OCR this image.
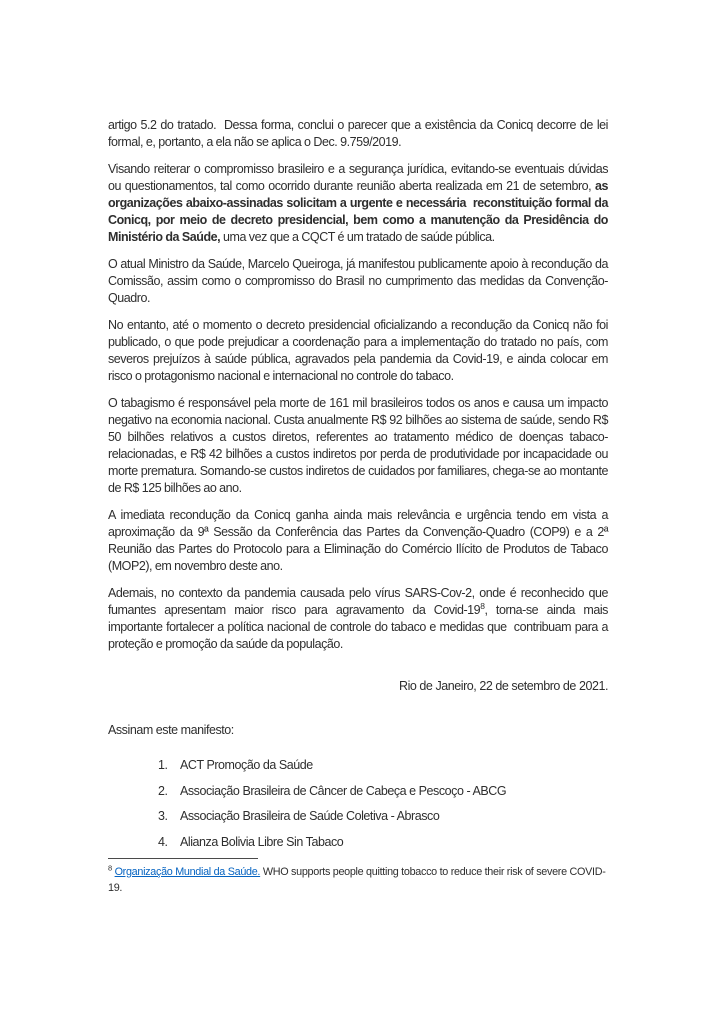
artigo 5.2 do tratado.  Dessa forma, conclui o parecer que a existência da Conicq decorre de lei formal, e, portanto, a ela não se aplica o Dec. 9.759/2019.

Visando reiterar o compromisso brasileiro e a segurança jurídica, evitando-se eventuais dúvidas ou questionamentos, tal como ocorrido durante reunião aberta realizada em 21 de setembro, as organizações abaixo-assinadas solicitam a urgente e necessária  reconstituição formal da Conicq, por meio de decreto presidencial, bem como a manutenção da Presidência do Ministério da Saúde, uma vez que a CQCT é um tratado de saúde pública.

O atual Ministro da Saúde, Marcelo Queiroga, já manifestou publicamente apoio à recondução da Comissão, assim como o compromisso do Brasil no cumprimento das medidas da Convenção-Quadro.

No entanto, até o momento o decreto presidencial oficializando a recondução da Conicq não foi publicado, o que pode prejudicar a coordenação para a implementação do tratado no país, com severos prejuízos à saúde pública, agravados pela pandemia da Covid-19, e ainda colocar em risco o protagonismo nacional e internacional no controle do tabaco.

O tabagismo é responsável pela morte de 161 mil brasileiros todos os anos e causa um impacto negativo na economia nacional. Custa anualmente R$ 92 bilhões ao sistema de saúde, sendo R$ 50 bilhões relativos a custos diretos, referentes ao tratamento médico de doenças tabaco-relacionadas, e R$ 42 bilhões a custos indiretos por perda de produtividade por incapacidade ou morte prematura. Somando-se custos indiretos de cuidados por familiares, chega-se ao montante de R$ 125 bilhões ao ano.

A imediata recondução da Conicq ganha ainda mais relevância e urgência tendo em vista a aproximação da 9ª Sessão da Conferência das Partes da Convenção-Quadro (COP9) e a 2ª Reunião das Partes do Protocolo para a Eliminação do Comércio Ilícito de Produtos de Tabaco (MOP2), em novembro deste ano.

Ademais, no contexto da pandemia causada pelo vírus SARS-Cov-2, onde é reconhecido que fumantes apresentam maior risco para agravamento da Covid-19$^8$, torna-se ainda mais importante fortalecer a política nacional de controle do tabaco e medidas que  contribuam para a proteção e promoção da saúde da população.

Rio de Janeiro, 22 de setembro de 2021.

Assinam este manifesto:

1. ACT Promoção da Saúde
2. Associação Brasileira de Câncer de Cabeça e Pescoço - ABCG
3. Associação Brasileira de Saúde Coletiva - Abrasco
4. Alianza Bolivia Libre Sin Tabaco

$^8$ Organização Mundial da Saúde. WHO supports people quitting tobacco to reduce their risk of severe COVID-19.
